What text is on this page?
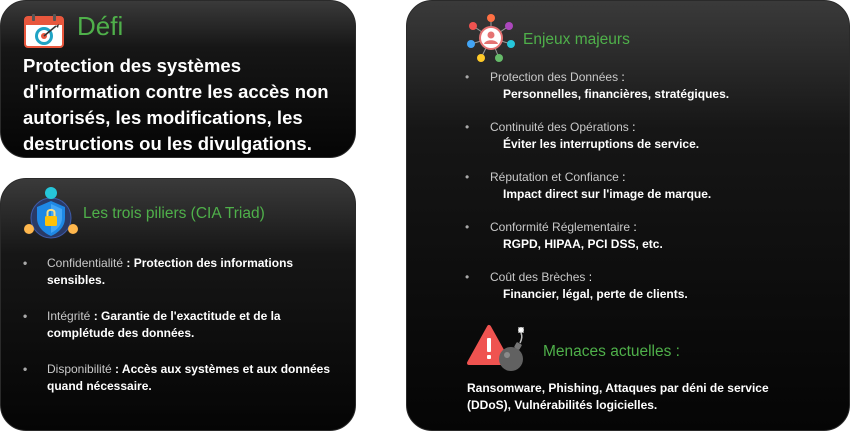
Défi
Protection des systèmes d'information contre les accès non autorisés, les modifications, les destructions ou les divulgations.
Les trois piliers (CIA Triad)
• Confidentialité : Protection des informations sensibles.
• Intégrité : Garantie de l'exactitude et de la complétude des données.
• Disponibilité : Accès aux systèmes et aux données quand nécessaire.
Enjeux majeurs
• Protection des Données :
Personnelles, financières, stratégiques.
• Continuité des Opérations :
Éviter les interruptions de service.
• Réputation et Confiance :
Impact direct sur l'image de marque.
• Conformité Réglementaire :
RGPD, HIPAA, PCI DSS, etc.
• Coût des Brèches :
Financier, légal, perte de clients.
Menaces actuelles :
Ransomware, Phishing, Attaques par déni de service (DDoS), Vulnérabilités logicielles.
